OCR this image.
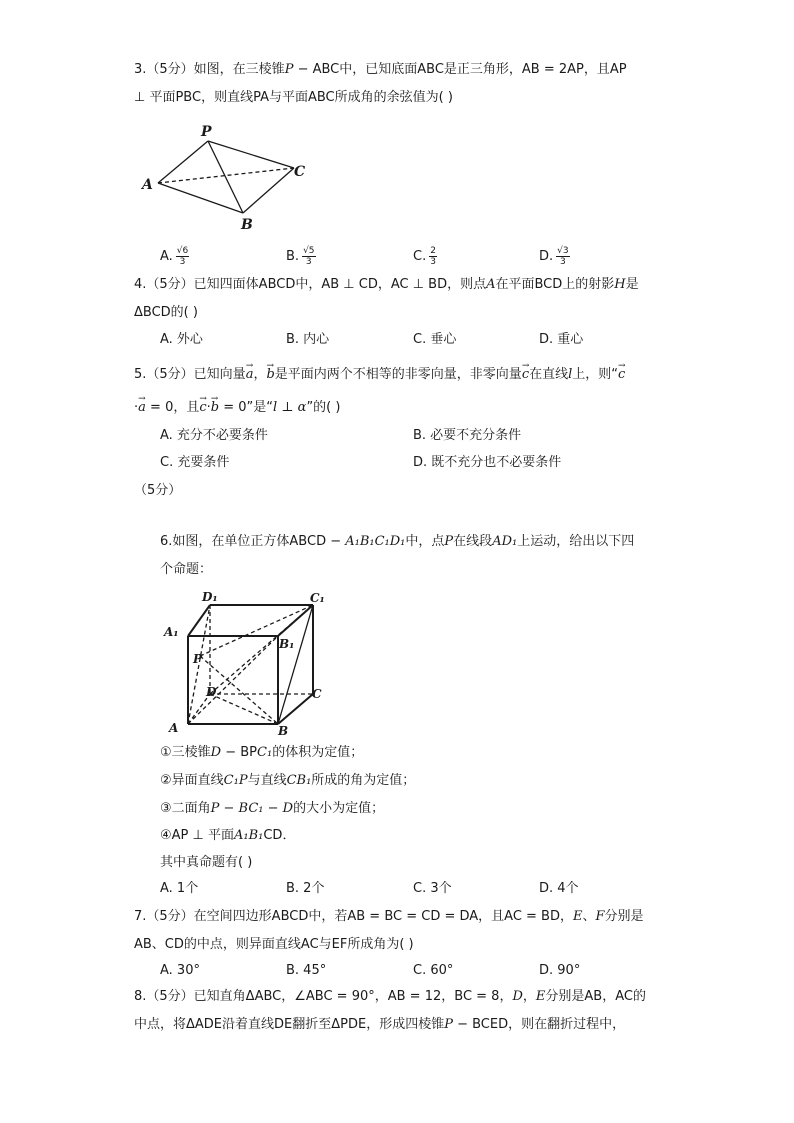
3.（5分）如图，在三棱锥P − ABC中，已知底面ABC是正三角形，AB = 2AP，且AP
⊥ 平面PBC，则直线PA与平面ABC所成角的余弦值为( )
P
A
B
C
A. $\frac{√6}{3}$	B. $\frac{√5}{3}$	C. $\frac{2}{3}$	D. $\frac{√3}{3}$
4.（5分）已知四面体ABCD中，AB ⊥ CD，AC ⊥ BD，则点A在平面BCD上的射影H是
ΔBCD的( )
A. 外心	B. 内心	C. 垂心	D. 重心
5.（5分）已知向量→ a，→ b是平面内两个不相等的非零向量，非零向量→ c在直线l上，则“→ c
·→ a = 0，且→ c·→ b = 0”是“l ⊥ α”的( )
A. 充分不必要条件	B. 必要不充分条件
C. 充要条件	D. 既不充分也不必要条件
（5分）
6.如图，在单位正方体ABCD − A₁B₁C₁D₁中，点P在线段AD₁上运动，给出以下四
个命题：
D₁	C₁
A₁
B₁
P
D	C
A	B
①三棱锥D − BPC₁的体积为定值；
②异面直线C₁P与直线CB₁所成的角为定值；
③二面角P − BC₁ − D的大小为定值；
④AP ⊥ 平面A₁B₁CD．
其中真命题有( )
A. 1个	B. 2个	C. 3个	D. 4个
7.（5分）在空间四边形ABCD中，若AB = BC = CD = DA，且AC = BD，E、F分别是
AB、CD的中点，则异面直线AC与EF所成角为( )
A. 30°	B. 45°	C. 60°	D. 90°
8.（5分）已知直角ΔABC，∠ABC = 90°，AB = 12，BC = 8，D，E分别是AB，AC的
中点，将ΔADE沿着直线DE翻折至ΔPDE，形成四棱锥P − BCED，则在翻折过程中，
